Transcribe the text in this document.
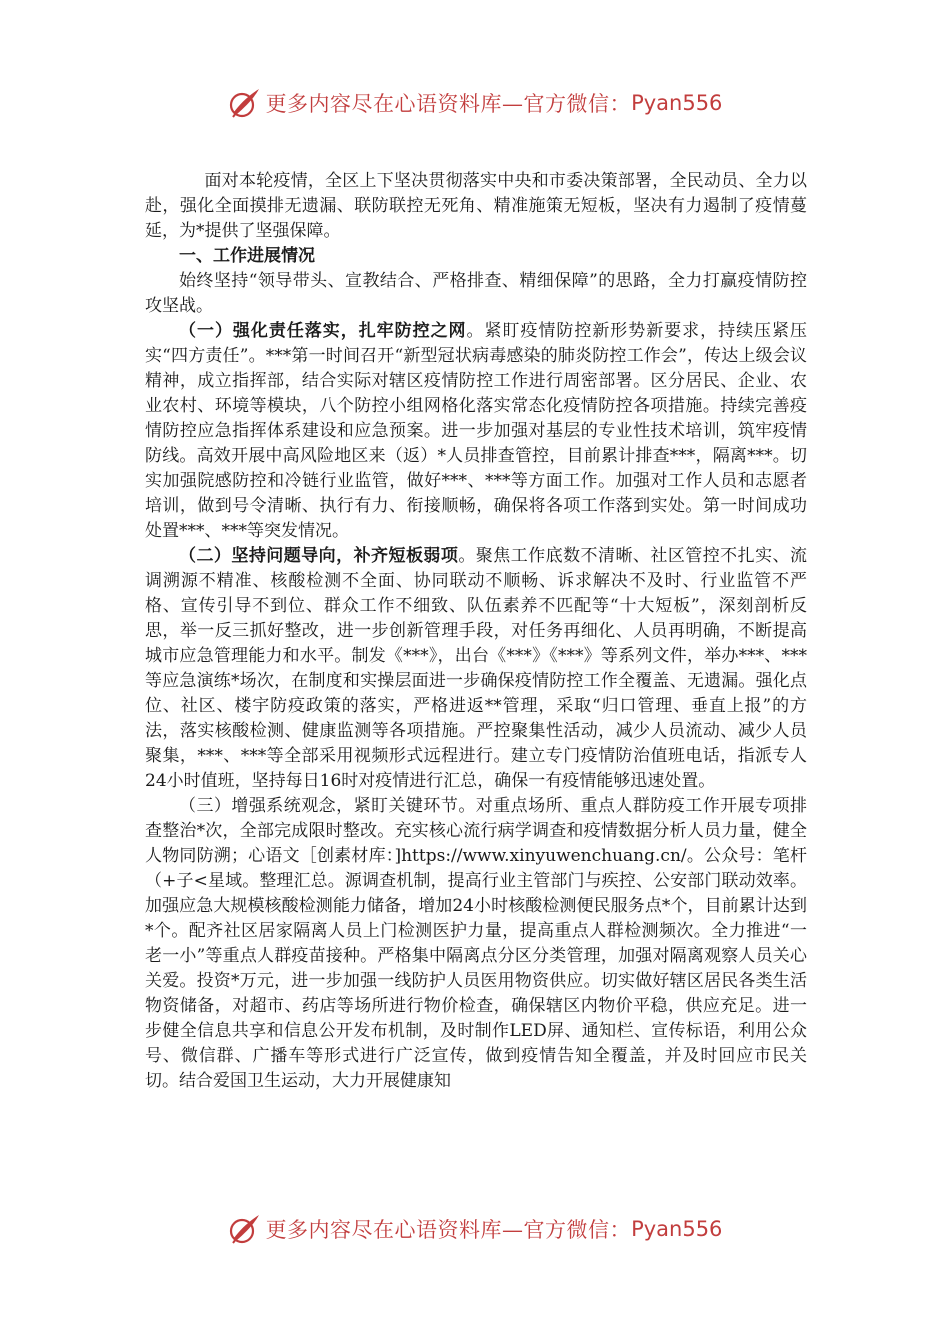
更多内容尽在心语资料库—官方微信： Pyan556

面对本轮疫情，全区上下坚决贯彻落实中央和市委决策部署，全民动员、全力以赴，强化全面摸排无遗漏、联防联控无死角、精准施策无短板，坚决有力遏制了疫情蔓延，为*提供了坚强保障。

一、工作进展情况

始终坚持“领导带头、宣教结合、严格排查、精细保障”的思路，全力打赢疫情防控攻坚战。

（一）强化责任落实，扎牢防控之网。紧盯疫情防控新形势新要求，持续压紧压实“四方责任”。***第一时间召开“新型冠状病毒感染的肺炎防控工作会”，传达上级会议精神，成立指挥部，结合实际对辖区疫情防控工作进行周密部署。区分居民、企业、农业农村、环境等模块，八个防控小组网格化落实常态化疫情防控各项措施。持续完善疫情防控应急指挥体系建设和应急预案。进一步加强对基层的专业性技术培训，筑牢疫情防线。高效开展中高风险地区来（返）*人员排查管控，目前累计排查***，隔离***。切实加强院感防控和冷链行业监管，做好***、***等方面工作。加强对工作人员和志愿者培训，做到号令清晰、执行有力、衔接顺畅，确保将各项工作落到实处。第一时间成功处置***、***等突发情况。

（二）坚持问题导向，补齐短板弱项。聚焦工作底数不清晰、社区管控不扎实、流调溯源不精准、核酸检测不全面、协同联动不顺畅、诉求解决不及时、行业监管不严格、宣传引导不到位、群众工作不细致、队伍素养不匹配等“十大短板”，深刻剖析反思，举一反三抓好整改，进一步创新管理手段，对任务再细化、人员再明确，不断提高城市应急管理能力和水平。制发《***》，出台《***》《***》等系列文件，举办***、***等应急演练*场次，在制度和实操层面进一步确保疫情防控工作全覆盖、无遗漏。强化点位、社区、楼宇防疫政策的落实，严格进返**管理，采取“归口管理、垂直上报”的方法，落实核酸检测、健康监测等各项措施。严控聚集性活动，减少人员流动、减少人员聚集，***、***等全部采用视频形式远程进行。建立专门疫情防治值班电话，指派专人24小时值班，坚持每日16时对疫情进行汇总，确保一有疫情能够迅速处置。

（三）增强系统观念，紧盯关键环节。对重点场所、重点人群防疫工作开展专项排查整治*次，全部完成限时整改。充实核心流行病学调查和疫情数据分析人员力量，健全人物同防溯；心语文［创素材库：]https://www.xinyuwenchuang.cn/。公众号：笔杆（+子<星域。整理汇总。源调查机制，提高行业主管部门与疾控、公安部门联动效率。加强应急大规模核酸检测能力储备，增加24小时核酸检测便民服务点*个，目前累计达到*个。配齐社区居家隔离人员上门检测医护力量，提高重点人群检测频次。全力推进“一老一小”等重点人群疫苗接种。严格集中隔离点分区分类管理，加强对隔离观察人员关心关爱。投资*万元，进一步加强一线防护人员医用物资供应。切实做好辖区居民各类生活物资储备，对超市、药店等场所进行物价检查，确保辖区内物价平稳，供应充足。进一步健全信息共享和信息公开发布机制，及时制作LED屏、通知栏、宣传标语，利用公众号、微信群、广播车等形式进行广泛宣传，做到疫情告知全覆盖，并及时回应市民关切。结合爱国卫生运动，大力开展健康知

更多内容尽在心语资料库—官方微信： Pyan556
